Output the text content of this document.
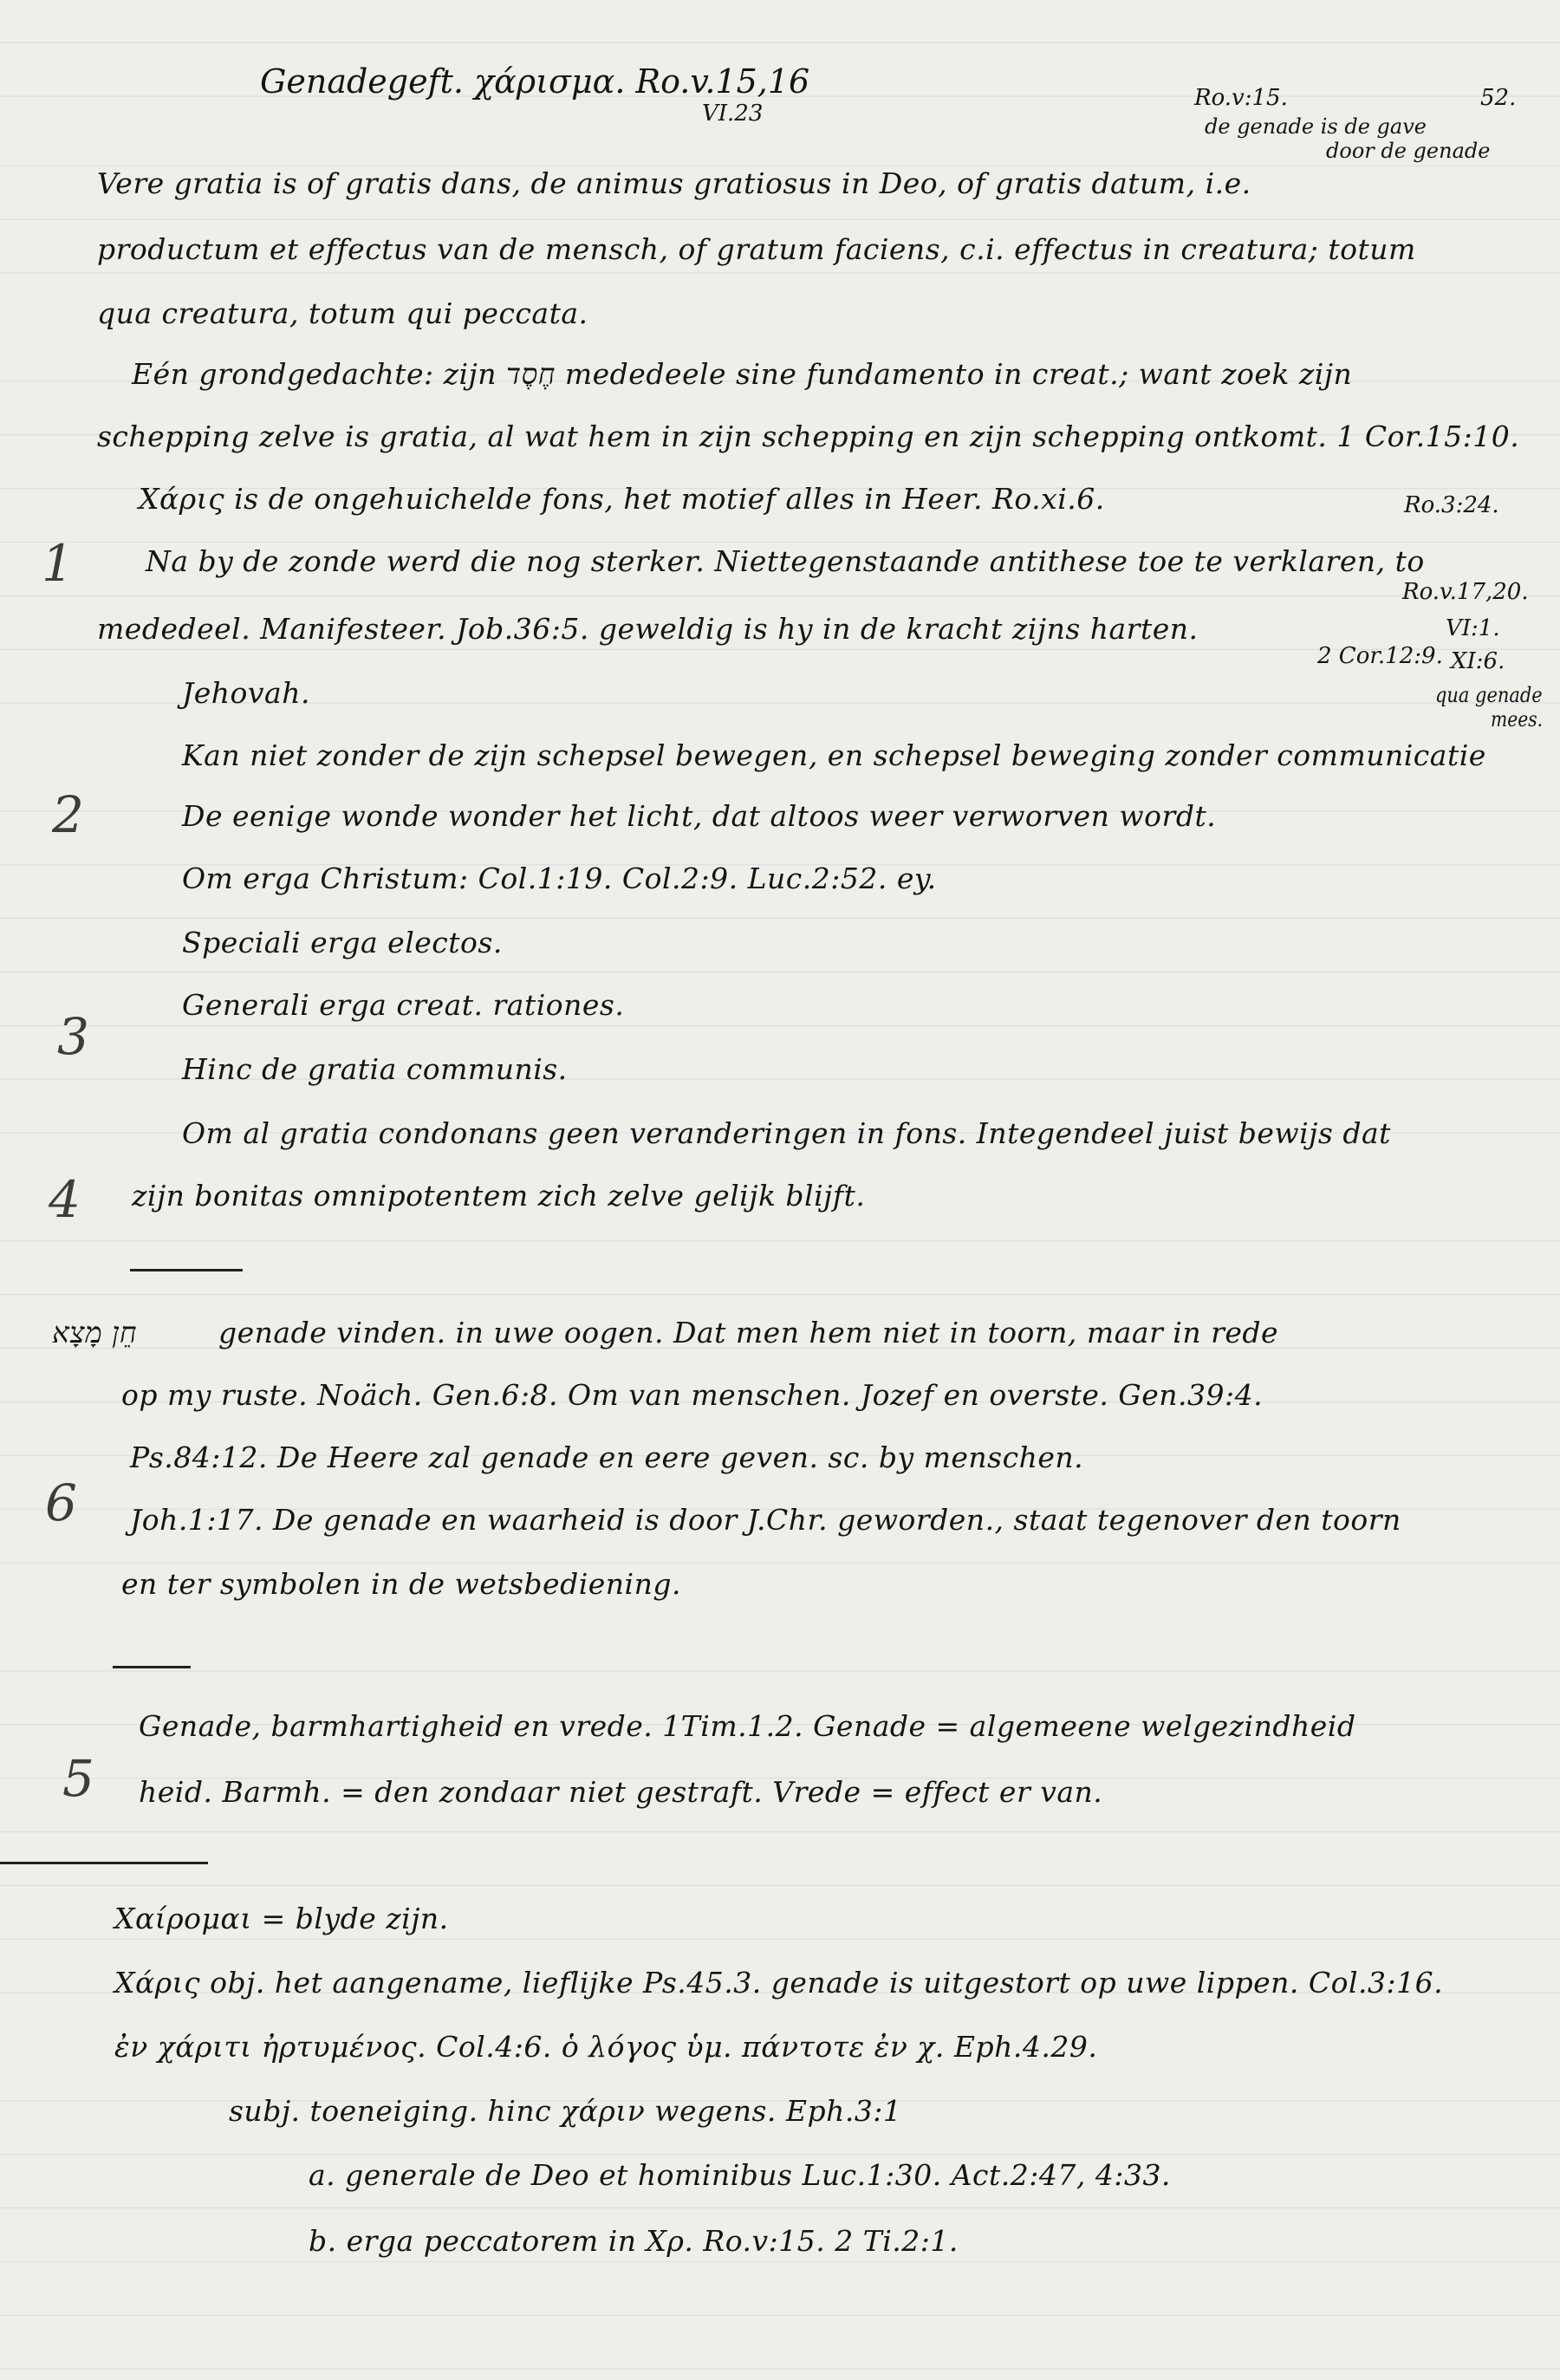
Genadegeft. χάρισμα. Ro.v.15,16
VI.23
52.
Ro.v:15.
de genade is de gave
door de genade
Vere gratia is of gratis dans, de animus gratiosus in Deo, of gratis datum, i.e.
productum et effectus van de mensch, of gratum faciens, c.i. effectus in creatura; totum
qua creatura, totum qui peccata.
Eén grondgedachte: zijn חֶסֶד mededeele sine fundamento in creat.; want zoek zijn
schepping zelve is gratia, al wat hem in zijn schepping en zijn schepping ontkomt. 1 Cor.15:10.
Χάρις is de ongehuichelde fons, het motief alles in Heer. Ro.xi.6.	Ro.3:24.
1	Na by de zonde werd die nog sterker. Niettegenstaande antithese toe te verklaren, to
Ro.v.17,20.
mededeel. Manifesteer. Job.36:5. geweldig is hy in de kracht zijns harten.	VI:1.
2 Cor.12:9. XI:6.
qua genade
mees.
Jehovah.
Kan niet zonder de zijn schepsel bewegen, en schepsel beweging zonder communicatie
2	De eenige wonde wonder het licht, dat altoos weer verworven wordt.
Om erga Christum: Col.1:19. Col.2:9. Luc.2:52. ey.
Speciali erga electos.
3
Generali erga creat. rationes.
Hinc de gratia communis.
Om al gratia condonans geen veranderingen in fons. Integendeel juist bewijs dat
4 zijn bonitas omnipotentem zich zelve gelijk blijft.
חֵן מָצָא	genade vinden. in uwe oogen. Dat men hem niet in toorn, maar in rede
op my ruste. Noäch. Gen.6:8. Om van menschen. Jozef en overste. Gen.39:4.
Ps.84:12. De Heere zal genade en eere geven. sc. by menschen.
6 Joh.1:17. De genade en waarheid is door J.Chr. geworden., staat tegenover den toorn
en ter symbolen in de wetsbediening.
Genade, barmhartigheid en vrede. 1Tim.1.2. Genade = algemeene welgezindheid
5 heid. Barmh. = den zondaar niet gestraft. Vrede = effect er van.
Χαίρομαι = blyde zijn.
Χάρις obj. het aangename, lieflijke Ps.45.3. genade is uitgestort op uwe lippen. Col.3:16.
ἐν χάριτι ἠρτυμένος. Col.4:6. ὁ λόγος ὑμ. πάντοτε ἐν χ. Eph.4.29.
subj. toeneiging. hinc χάριν wegens. Eph.3:1
a. generale de Deo et hominibus Luc.1:30. Act.2:47, 4:33.
b. erga peccatorem in Χρ. Ro.v:15. 2 Ti.2:1.
